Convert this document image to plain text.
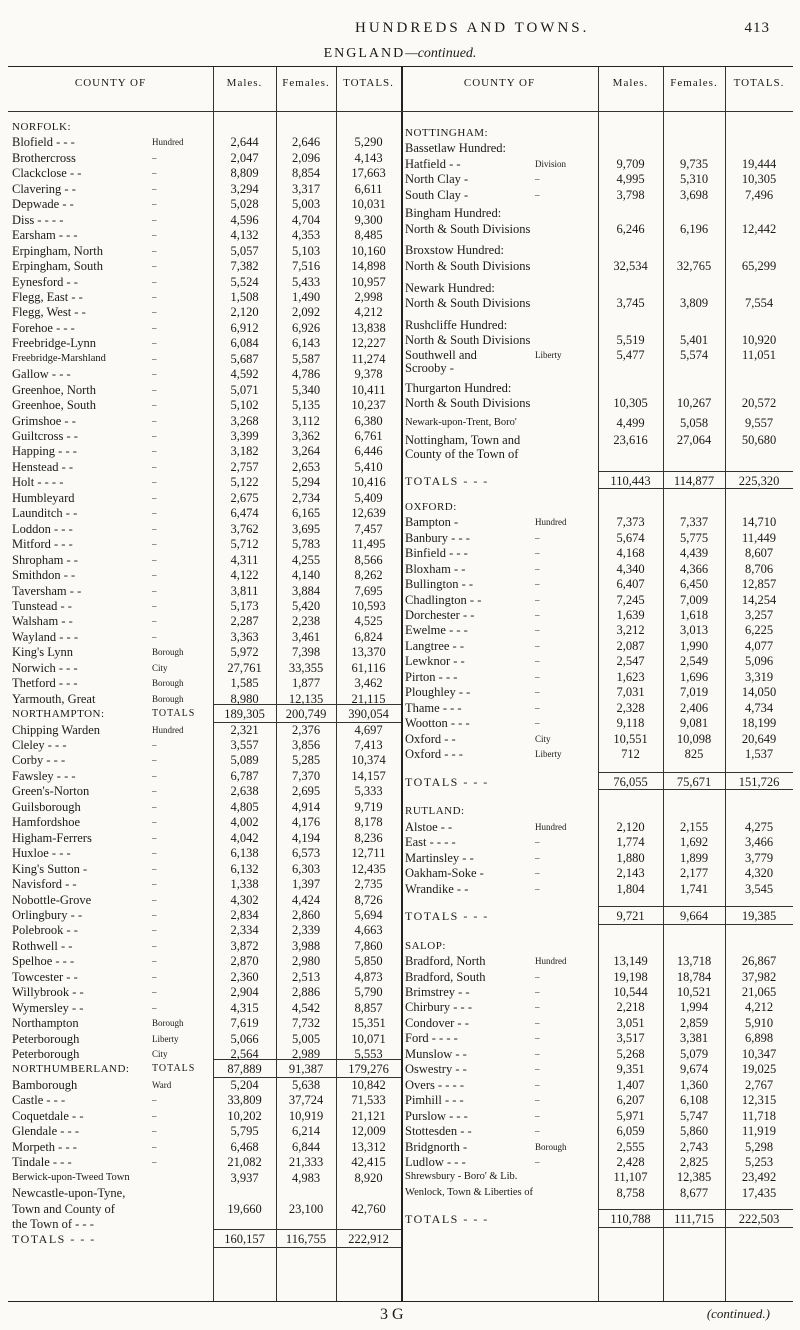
HUNDREDS AND TOWNS.	413
ENGLAND—continued.
COUNTY OF	Males.	Females.	TOTALS.	COUNTY OF	Males.	Females.	TOTALS.
NORFOLK:
Blofield - - -	Hundred	2,644	2,646	5,290
Brothercross	–	2,047	2,096	4,143
Clackclose - -	–	8,809	8,854	17,663
Clavering - -	–	3,294	3,317	6,611
Depwade - -	–	5,028	5,003	10,031
Diss - - - -	–	4,596	4,704	9,300
Earsham - - -	–	4,132	4,353	8,485
Erpingham, North	–	5,057	5,103	10,160
Erpingham, South	–	7,382	7,516	14,898
Eynesford - -	–	5,524	5,433	10,957
Flegg, East - -	–	1,508	1,490	2,998
Flegg, West - -	–	2,120	2,092	4,212
Forehoe - - -	–	6,912	6,926	13,838
Freebridge-Lynn	–	6,084	6,143	12,227
Freebridge-Marshland	–	5,687	5,587	11,274
Gallow - - -	–	4,592	4,786	9,378
Greenhoe, North	–	5,071	5,340	10,411
Greenhoe, South	–	5,102	5,135	10,237
Grimshoe - -	–	3,268	3,112	6,380
Guiltcross - -	–	3,399	3,362	6,761
Happing - - -	–	3,182	3,264	6,446
Henstead - -	–	2,757	2,653	5,410
Holt - - - -	–	5,122	5,294	10,416
Humbleyard	–	2,675	2,734	5,409
Launditch - -	–	6,474	6,165	12,639
Loddon - - -	–	3,762	3,695	7,457
Mitford - - -	–	5,712	5,783	11,495
Shropham - -	–	4,311	4,255	8,566
Smithdon - -	–	4,122	4,140	8,262
Taversham - -	–	3,811	3,884	7,695
Tunstead - -	–	5,173	5,420	10,593
Walsham - -	–	2,287	2,238	4,525
Wayland - - -	–	3,363	3,461	6,824
King's Lynn	Borough	5,972	7,398	13,370
Norwich - - -	City	27,761	33,355	61,116
Thetford - - -	Borough	1,585	1,877	3,462
Yarmouth, Great	Borough	8,980	12,135	21,115
NORTHAMPTON:	TOTALS	189,305	200,749	390,054
Chipping Warden	Hundred	2,321	2,376	4,697
Cleley - - -	–	3,557	3,856	7,413
Corby - - -	–	5,089	5,285	10,374
Fawsley - - -	–	6,787	7,370	14,157
Green's-Norton	–	2,638	2,695	5,333
Guilsborough	–	4,805	4,914	9,719
Hamfordshoe	–	4,002	4,176	8,178
Higham-Ferrers	–	4,042	4,194	8,236
Huxloe - - -	–	6,138	6,573	12,711
King's Sutton -	–	6,132	6,303	12,435
Navisford - -	–	1,338	1,397	2,735
Nobottle-Grove	–	4,302	4,424	8,726
Orlingbury - -	–	2,834	2,860	5,694
Polebrook - -	–	2,334	2,339	4,663
Rothwell - -	–	3,872	3,988	7,860
Spelhoe - - -	–	2,870	2,980	5,850
Towcester - -	–	2,360	2,513	4,873
Willybrook - -	–	2,904	2,886	5,790
Wymersley - -	–	4,315	4,542	8,857
Northampton	Borough	7,619	7,732	15,351
Peterborough	Liberty	5,066	5,005	10,071
Peterborough	City	2,564	2,989	5,553
NORTHUMBERLAND: TOTALS	87,889	91,387	179,276
Bamborough	Ward	5,204	5,638	10,842
Castle - - -	–	33,809	37,724	71,533
Coquetdale - -	–	10,202	10,919	21,121
Glendale - - -	–	5,795	6,214	12,009
Morpeth - - -	–	6,468	6,844	13,312
Tindale - - -	–	21,082	21,333	42,415
Berwick-upon-Tweed Town	3,937	4,983	8,920
Newcastle-upon-Tyne,
Town and County of	19,660	23,100	42,760
the Town of - - -
TOTALS - - -	160,157	116,755	222,912
NOTTINGHAM:
Bassetlaw Hundred:
Hatfield - -	Division	9,709	9,735	19,444
North Clay -	–	4,995	5,310	10,305
South Clay -	–	3,798	3,698	7,496
Bingham Hundred:
North & South Divisions	6,246	6,196	12,442
Broxstow Hundred:
North & South Divisions	32,534	32,765	65,299
Newark Hundred:
North & South Divisions	3,745	3,809	7,554
Rushcliffe Hundred:
North & South Divisions	5,519	5,401	10,920
Southwell and	Liberty	5,477	5,574	11,051
Scrooby -
Thurgarton Hundred:
North & South Divisions	10,305	10,267	20,572
Newark-upon-Trent, Boro'	4,499	5,058	9,557
Nottingham, Town and	23,616	27,064	50,680
County of the Town of
TOTALS - - -	110,443	114,877	225,320
OXFORD:
Bampton -	Hundred	7,373	7,337	14,710
Banbury - - -	–	5,674	5,775	11,449
Binfield - - -	–	4,168	4,439	8,607
Bloxham - -	–	4,340	4,366	8,706
Bullington - -	–	6,407	6,450	12,857
Chadlington - -	–	7,245	7,009	14,254
Dorchester - -	–	1,639	1,618	3,257
Ewelme - - -	–	3,212	3,013	6,225
Langtree - -	–	2,087	1,990	4,077
Lewknor - -	–	2,547	2,549	5,096
Pirton - - -	–	1,623	1,696	3,319
Ploughley - -	–	7,031	7,019	14,050
Thame - - -	–	2,328	2,406	4,734
Wootton - - -	–	9,118	9,081	18,199
Oxford - -	City	10,551	10,098	20,649
Oxford - - -	Liberty	712	825	1,537
TOTALS - - -	76,055	75,671	151,726
RUTLAND:
Alstoe - -	Hundred	2,120	2,155	4,275
East - - - -	–	1,774	1,692	3,466
Martinsley - -	–	1,880	1,899	3,779
Oakham-Soke -	–	2,143	2,177	4,320
Wrandike - -	–	1,804	1,741	3,545
TOTALS - - -	9,721	9,664	19,385
SALOP:
Bradford, North	Hundred	13,149	13,718	26,867
Bradford, South	–	19,198	18,784	37,982
Brimstrey - -	–	10,544	10,521	21,065
Chirbury - - -	–	2,218	1,994	4,212
Condover - -	–	3,051	2,859	5,910
Ford - - - -	–	3,517	3,381	6,898
Munslow - -	–	5,268	5,079	10,347
Oswestry - -	–	9,351	9,674	19,025
Overs - - - -	–	1,407	1,360	2,767
Pimhill - - -	–	6,207	6,108	12,315
Purslow - - -	–	5,971	5,747	11,718
Stottesden - -	–	6,059	5,860	11,919
Bridgnorth -	Borough	2,555	2,743	5,298
Ludlow - - -	–	2,428	2,825	5,253
Shrewsbury - Boro' & Lib.	11,107	12,385	23,492
Wenlock, Town & Liberties of	8,758	8,677	17,435
TOTALS - - -	110,788	111,715	222,503
3 G	(continued.)
